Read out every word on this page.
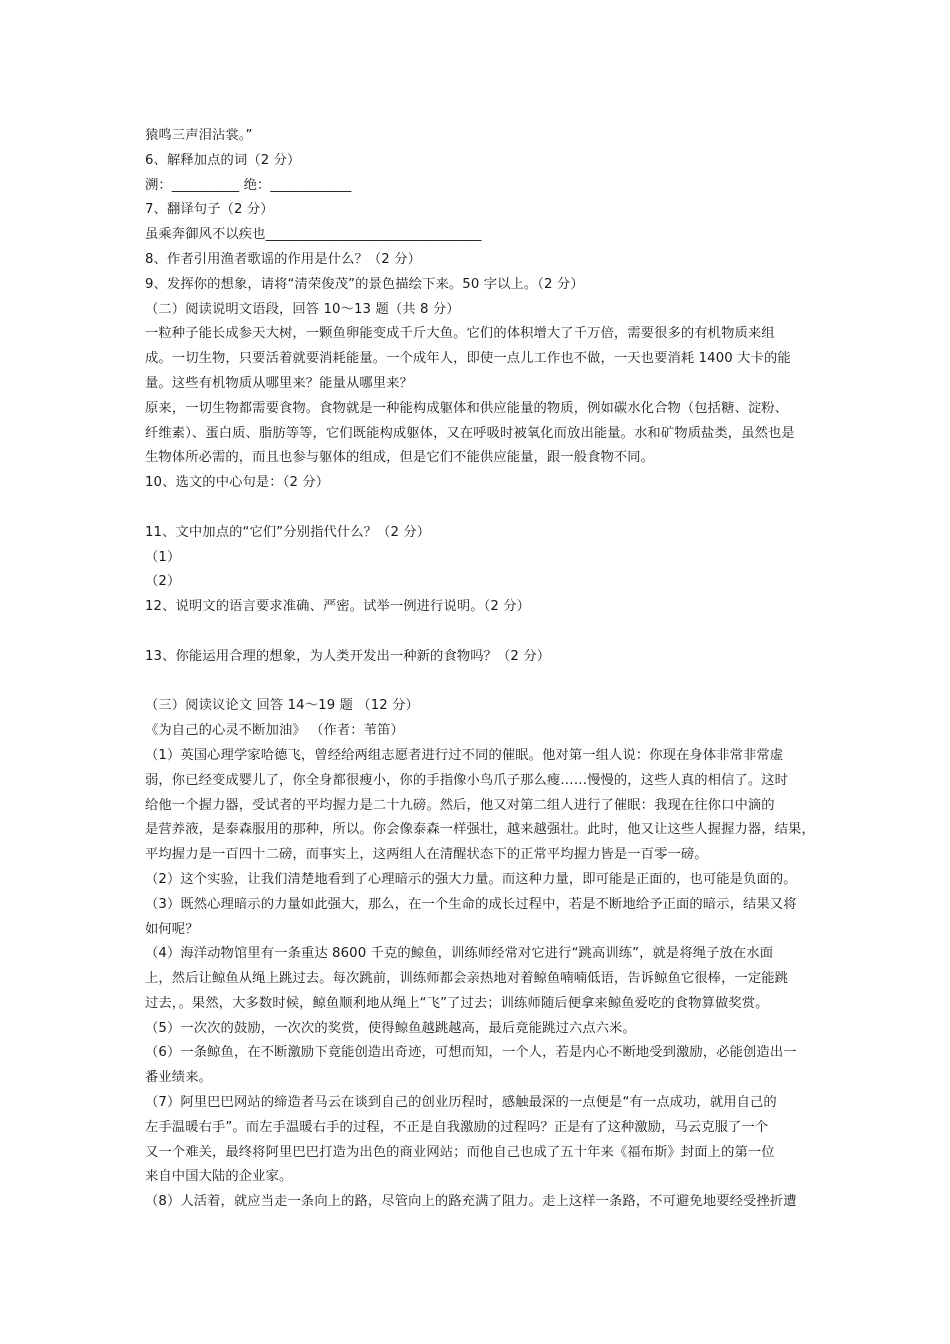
猿鸣三声泪沾裳。”
6、解释加点的词（2 分）
溯：__________ 绝：____________
7、翻译句子（2 分）
虽乘奔御风不以疾也________________________________
8、作者引用渔者歌谣的作用是什么？（2 分）
9、发挥你的想象，请将“清荣俊茂”的景色描绘下来。50 字以上。（2 分）
（二）阅读说明文语段，回答 10～13 题（共 8 分）
一粒种子能长成参天大树，一颗鱼卵能变成千斤大鱼。它们的体积增大了千万倍，需要很多的有机物质来组
成。一切生物，只要活着就要消耗能量。一个成年人，即使一点儿工作也不做，一天也要消耗 1400 大卡的能
量。这些有机物质从哪里来？能量从哪里来？
原来，一切生物都需要食物。食物就是一种能构成躯体和供应能量的物质，例如碳水化合物（包括糖、淀粉、
纤维素）、蛋白质、脂肪等等，它们既能构成躯体，又在呼吸时被氧化而放出能量。水和矿物质盐类，虽然也是
生物体所必需的，而且也参与躯体的组成，但是它们不能供应能量，跟一般食物不同。
10、选文的中心句是：（2 分）
11、文中加点的“它们”分别指代什么？（2 分）
（1）
（2）
12、说明文的语言要求准确、严密。试举一例进行说明。（2 分）
13、你能运用合理的想象，为人类开发出一种新的食物吗？（2 分）
（三）阅读议论文 回答 14～19 题 （12 分）
《为自己的心灵不断加油》 （作者：苇笛）
（1）英国心理学家哈德飞，曾经给两组志愿者进行过不同的催眠。他对第一组人说：你现在身体非常非常虚
弱，你已经变成婴儿了，你全身都很瘦小，你的手指像小鸟爪子那么瘦……慢慢的，这些人真的相信了。这时
给他一个握力器，受试者的平均握力是二十九磅。然后，他又对第二组人进行了催眠：我现在往你口中滴的
是营养液，是泰森服用的那种，所以。你会像泰森一样强壮，越来越强壮。此时，他又让这些人握握力器，结果，
平均握力是一百四十二磅，而事实上，这两组人在清醒状态下的正常平均握力皆是一百零一磅。
（2）这个实验，让我们清楚地看到了心理暗示的强大力量。而这种力量，即可能是正面的，也可能是负面的。
（3）既然心理暗示的力量如此强大，那么，在一个生命的成长过程中，若是不断地给予正面的暗示，结果又将
如何呢？
（4）海洋动物馆里有一条重达 8600 千克的鲸鱼，训练师经常对它进行“跳高训练”，就是将绳子放在水面
上，然后让鲸鱼从绳上跳过去。每次跳前，训练师都会亲热地对着鲸鱼喃喃低语，告诉鲸鱼它很棒，一定能跳
过去，。果然，大多数时候，鲸鱼顺利地从绳上“飞”了过去；训练师随后便拿来鲸鱼爱吃的食物算做奖赏。
（5）一次次的鼓励，一次次的奖赏，使得鲸鱼越跳越高，最后竟能跳过六点六米。
（6）一条鲸鱼，在不断激励下竟能创造出奇迹，可想而知，一个人，若是内心不断地受到激励，必能创造出一
番业绩来。
（7）阿里巴巴网站的缔造者马云在谈到自己的创业历程时，感触最深的一点便是“有一点成功，就用自己的
左手温暖右手”。而左手温暖右手的过程，不正是自我激励的过程吗？正是有了这种激励，马云克服了一个
又一个难关，最终将阿里巴巴打造为出色的商业网站；而他自己也成了五十年来《福布斯》封面上的第一位
来自中国大陆的企业家。
（8）人活着，就应当走一条向上的路，尽管向上的路充满了阻力。走上这样一条路，不可避免地要经受挫折遭
